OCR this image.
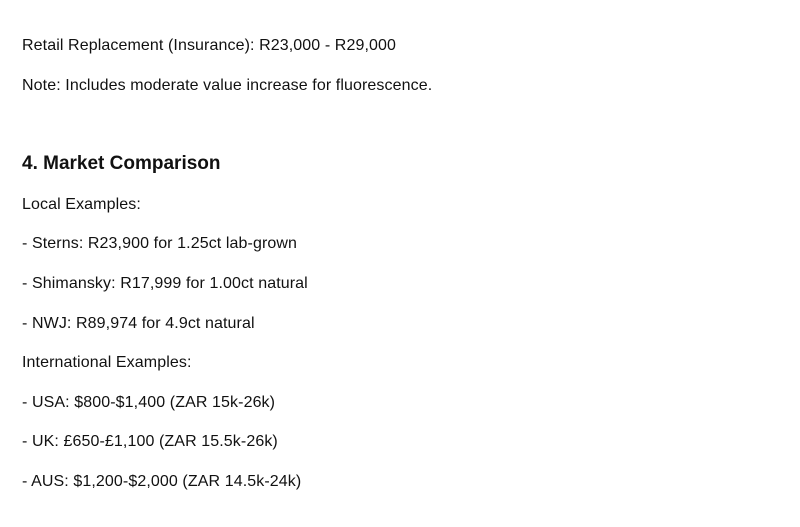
Retail Replacement (Insurance): R23,000 - R29,000
Note: Includes moderate value increase for fluorescence.
4. Market Comparison
Local Examples:
- Sterns: R23,900 for 1.25ct lab-grown
- Shimansky: R17,999 for 1.00ct natural
- NWJ: R89,974 for 4.9ct natural
International Examples:
- USA: $800-$1,400 (ZAR 15k-26k)
- UK: £650-£1,100 (ZAR 15.5k-26k)
- AUS: $1,200-$2,000 (ZAR 14.5k-24k)
